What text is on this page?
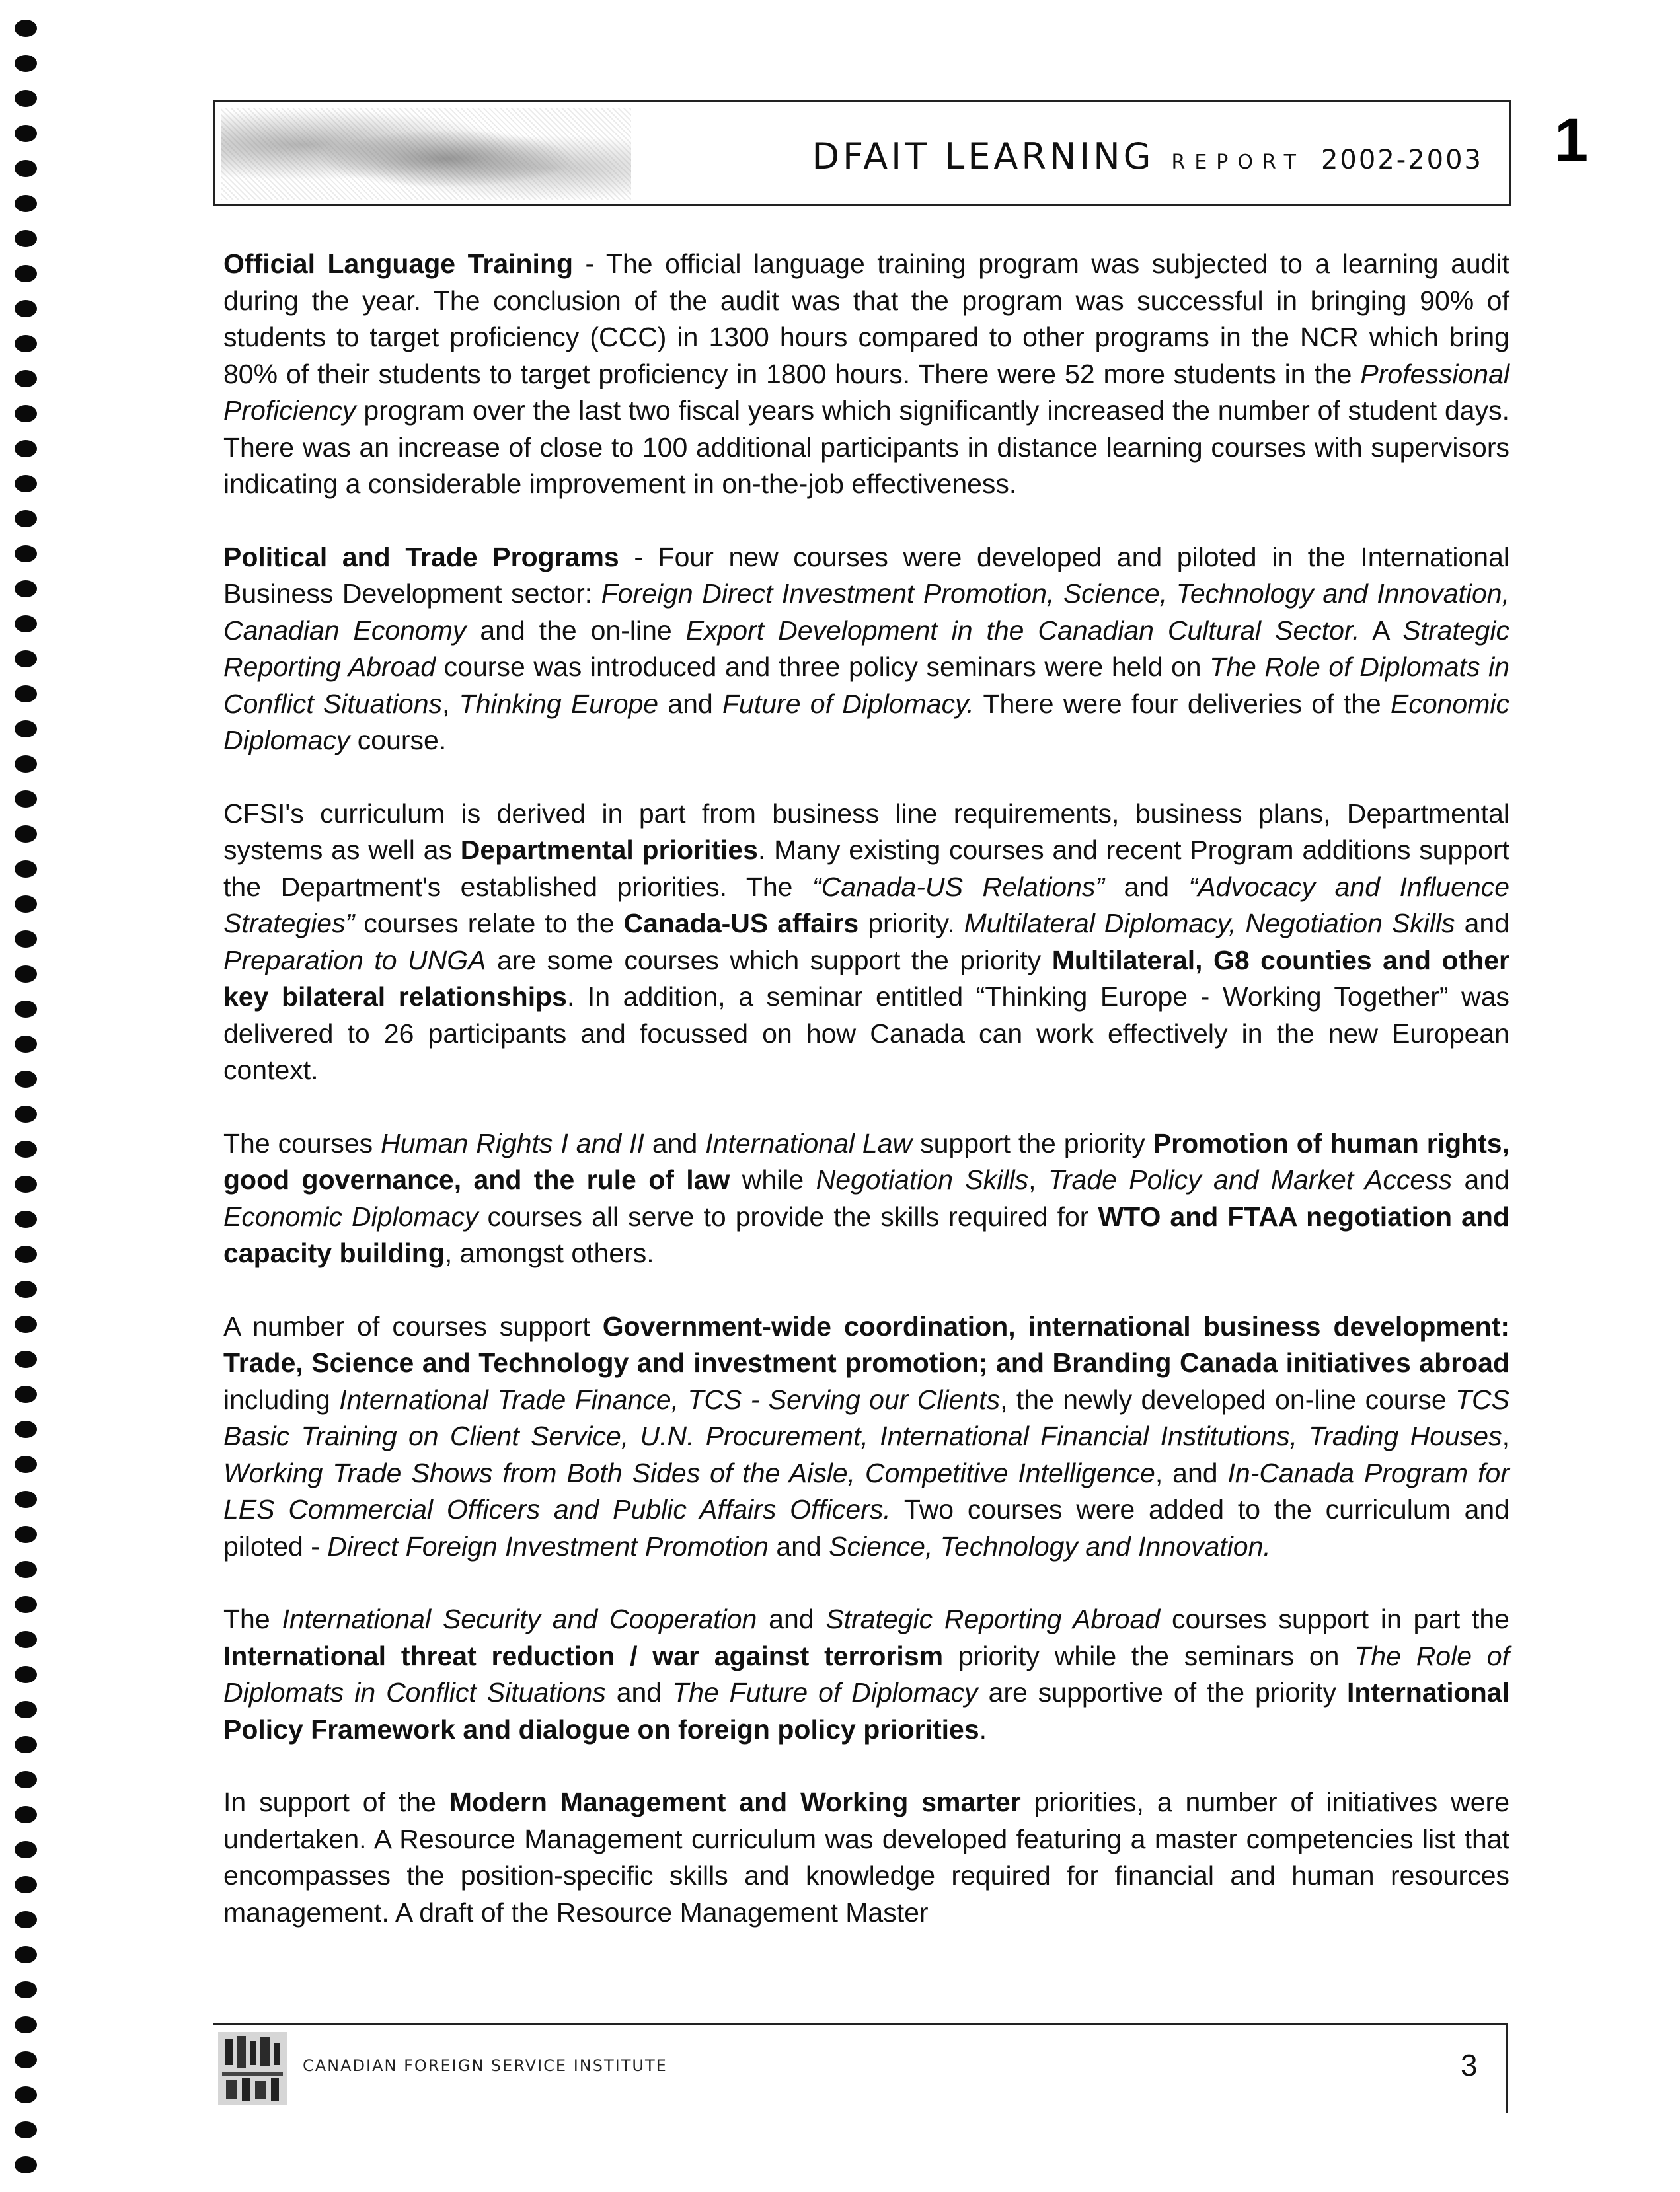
DFAIT LEARNING REPORT 2002-2003 1

Official Language Training - The official language training program was subjected to a learning audit during the year. The conclusion of the audit was that the program was successful in bringing 90% of students to target proficiency (CCC) in 1300 hours compared to other programs in the NCR which bring 80% of their students to target proficiency in 1800 hours. There were 52 more students in the Professional Proficiency program over the last two fiscal years which significantly increased the number of student days. There was an increase of close to 100 additional participants in distance learning courses with supervisors indicating a considerable improvement in on-the-job effectiveness.

Political and Trade Programs - Four new courses were developed and piloted in the International Business Development sector: Foreign Direct Investment Promotion, Science, Technology and Innovation, Canadian Economy and the on-line Export Development in the Canadian Cultural Sector. A Strategic Reporting Abroad course was introduced and three policy seminars were held on The Role of Diplomats in Conflict Situations, Thinking Europe and Future of Diplomacy. There were four deliveries of the Economic Diplomacy course.

CFSI's curriculum is derived in part from business line requirements, business plans, Departmental systems as well as Departmental priorities. Many existing courses and recent Program additions support the Department's established priorities. The “Canada-US Relations” and “Advocacy and Influence Strategies” courses relate to the Canada-US affairs priority. Multilateral Diplomacy, Negotiation Skills and Preparation to UNGA are some courses which support the priority Multilateral, G8 counties and other key bilateral relationships. In addition, a seminar entitled “Thinking Europe - Working Together” was delivered to 26 participants and focussed on how Canada can work effectively in the new European context.

The courses Human Rights I and II and International Law support the priority Promotion of human rights, good governance, and the rule of law while Negotiation Skills, Trade Policy and Market Access and Economic Diplomacy courses all serve to provide the skills required for WTO and FTAA negotiation and capacity building, amongst others.

A number of courses support Government-wide coordination, international business development: Trade, Science and Technology and investment promotion; and Branding Canada initiatives abroad including International Trade Finance, TCS - Serving our Clients, the newly developed on-line course TCS Basic Training on Client Service, U.N. Procurement, International Financial Institutions, Trading Houses, Working Trade Shows from Both Sides of the Aisle, Competitive Intelligence, and In-Canada Program for LES Commercial Officers and Public Affairs Officers. Two courses were added to the curriculum and piloted - Direct Foreign Investment Promotion and Science, Technology and Innovation.

The International Security and Cooperation and Strategic Reporting Abroad courses support in part the International threat reduction / war against terrorism priority while the seminars on The Role of Diplomats in Conflict Situations and The Future of Diplomacy are supportive of the priority International Policy Framework and dialogue on foreign policy priorities.

In support of the Modern Management and Working smarter priorities, a number of initiatives were undertaken. A Resource Management curriculum was developed featuring a master competencies list that encompasses the position-specific skills and knowledge required for financial and human resources management. A draft of the Resource Management Master

CANADIAN FOREIGN SERVICE INSTITUTE	3
